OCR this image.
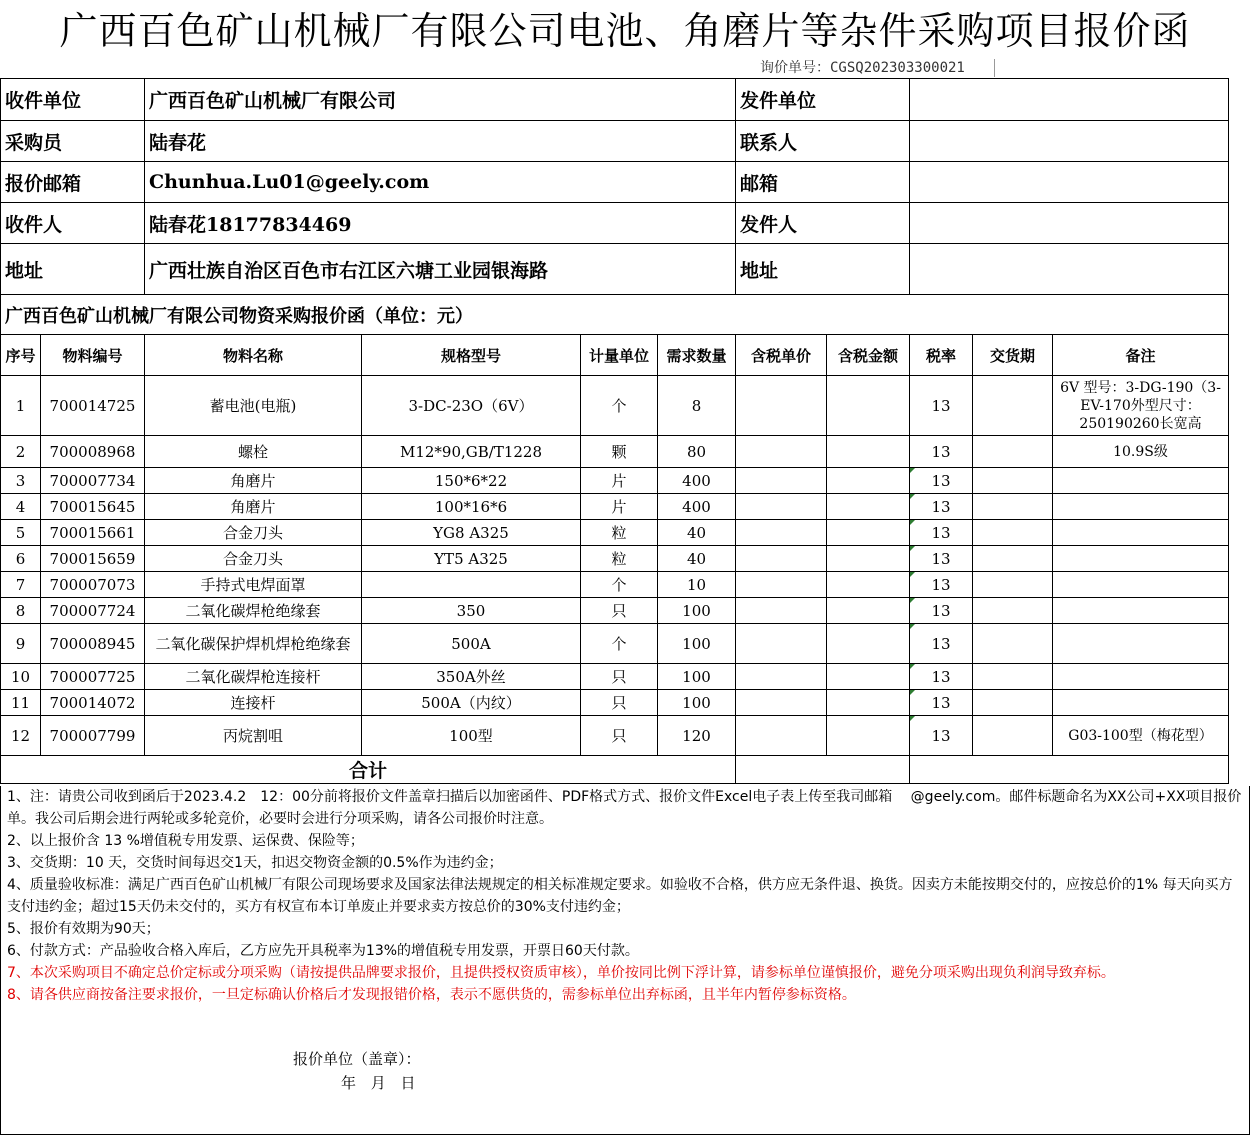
广西百色矿山机械厂有限公司电池、角磨片等杂件采购项目报价函
询价单号：CGSQ202303300021
收件单位		广西百色矿山机械厂有限公司				发件单位				
采购员		陆春花				联系人				
报价邮箱		Chunhua.Lu01@geely.com				邮箱				
收件人		陆春花18177834469				发件人				
地址		广西壮族自治区百色市右江区六塘工业园银海路				地址				
广西百色矿山机械厂有限公司物资采购报价函（单位：元）										
序号	物料编号	物料名称	规格型号	计量单位	需求数量	含税单价	含税金额	税率	交货期	备注
1	700014725	蓄电池(电瓶)	3-DC-23O（6V）	个	8			13		6V 型号：3-DG-190（3-EV-170外型尺寸：250190260长宽高
2	700008968	螺栓	M12*90,GB/T1228	颗	80			13		10.9S级
3	700007734	角磨片	150*6*22	片	400			13		
4	700015645	角磨片	100*16*6	片	400			13		
5	700015661	合金刀头	YG8 A325	粒	40			13		
6	700015659	合金刀头	YT5 A325	粒	40			13		
7	700007073	手持式电焊面罩		个	10			13		
8	700007724	二氧化碳焊枪绝缘套	350	只	100			13		
9	700008945	二氧化碳保护焊机焊枪绝缘套	500A	个	100			13		
10	700007725	二氧化碳焊枪连接杆	350A外丝	只	100			13		
11	700014072	连接杆	500A（内纹）	只	100			13		
12	700007799	丙烷割咀	100型	只	120			13		G03-100型（梅花型）
合计										
1、注：请贵公司收到函后于2023.4.2　12：00分前将报价文件盖章扫描后以加密函件、PDF格式方式、报价文件Excel电子表上传至我司邮箱　 @geely.com。邮件标题命名为XX公司+XX项目报价单。我公司后期会进行两轮或多轮竞价，必要时会进行分项采购，请各公司报价时注意。
2、以上报价含 13 %增值税专用发票、运保费、保险等；
3、交货期：10 天，交货时间每迟交1天，扣迟交物资金额的0.5%作为违约金；
4、质量验收标准：满足广西百色矿山机械厂有限公司现场要求及国家法律法规规定的相关标准规定要求。如验收不合格，供方应无条件退、换货。因卖方未能按期交付的，应按总价的1% 每天向买方支付违约金；超过15天仍未交付的，买方有权宣布本订单废止并要求卖方按总价的30%支付违约金；
5、报价有效期为90天；
6、付款方式：产品验收合格入库后，乙方应先开具税率为13%的增值税专用发票，开票日60天付款。
7、本次采购项目不确定总价定标或分项采购（请按提供品牌要求报价，且提供授权资质审核），单价按同比例下浮计算，请参标单位谨慎报价，避免分项采购出现负利润导致弃标。
8、请各供应商按备注要求报价，一旦定标确认价格后才发现报错价格，表示不愿供货的，需参标单位出弃标函，且半年内暂停参标资格。
报价单位（盖章）：
年 月 日
